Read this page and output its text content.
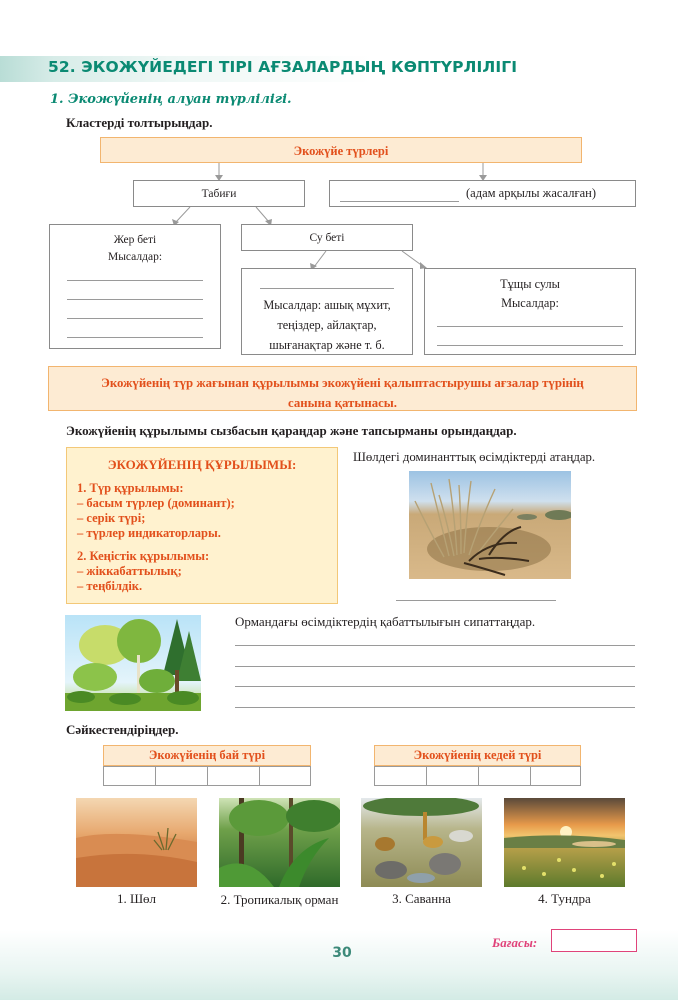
52. ЭКОЖҮЙЕДЕГІ ТІРІ АҒЗАЛАРДЫҢ КӨПТҮРЛІЛІГІ
1. Экожүйенің алуан түрлілігі.
Кластерді толтырыңдар.
Экожүйе түрлері
Табиғи	(адам арқылы жасалған)
Жер беті
Мысалдар:
Су беті
Мысалдар: ашық мұхит, теңіздер, айлақтар, шығанақтар және т. б.
Тұщы сулы
Мысалдар:
Экожүйенің түр жағынан құрылымы экожүйені қалыптастырушы ағзалар түрінің санына қатынасы.
Экожүйенің құрылымы сызбасын қараңдар және тапсырманы орындаңдар.
ЭКОЖҮЙЕНІҢ ҚҰРЫЛЫМЫ:
1. Түр құрылымы:
– басым түрлер (доминант);
– серік түрі;
– түрлер индикаторлары.
2. Кеңістік құрылымы:
– жіккабаттылық;
– теңбілдік.
Шөлдегі доминанттық өсімдіктерді атаңдар.
Ормандағы өсімдіктердің қабаттылығын сипаттаңдар.
Сәйкестендіріңдер.
Экожүйенің бай түрі	Экожүйенің кедей түрі
1. Шөл	2. Тропикалық орман	3. Саванна	4. Тундра
30
Бағасы:
